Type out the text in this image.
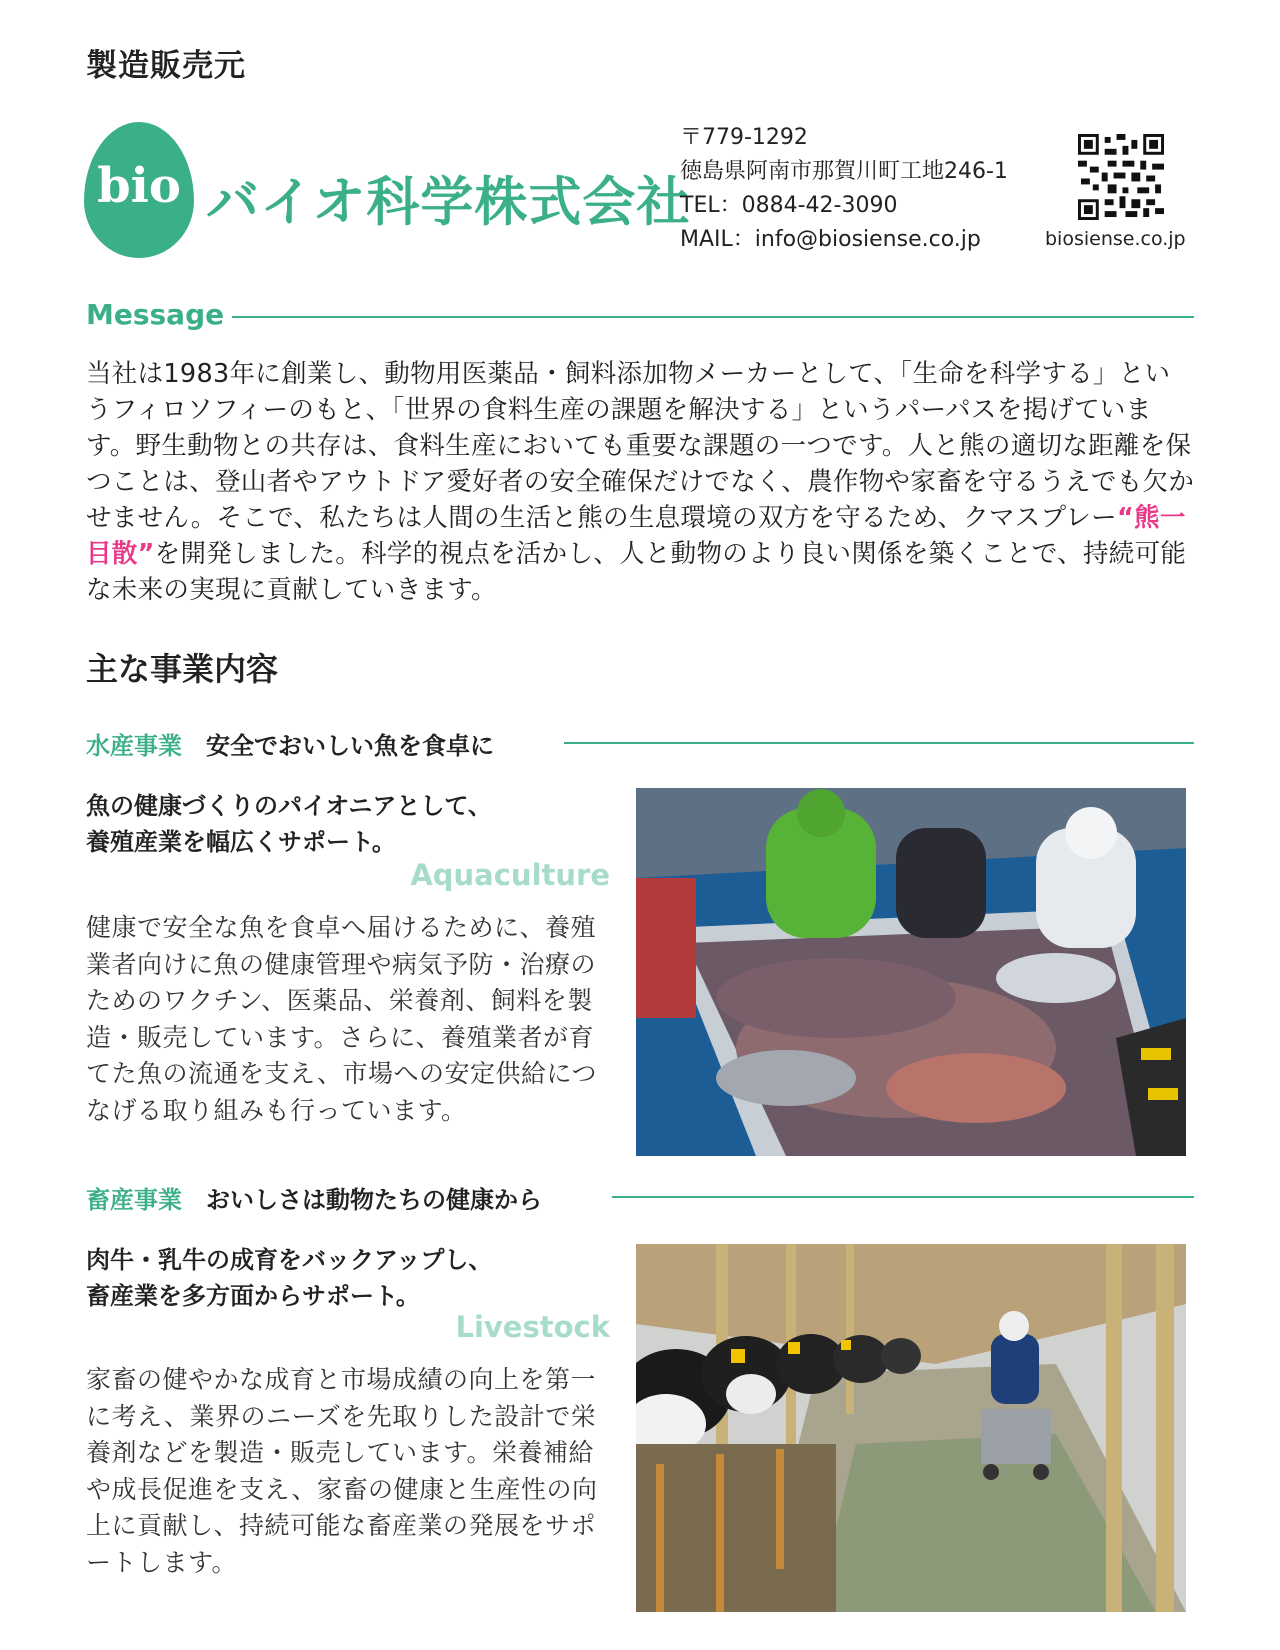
製造販売元
bio バイオ科学株式会社
〒779-1292
徳島県阿南市那賀川町工地246-1
TEL：0884-42-3090
MAIL：info@biosiense.co.jp	biosiense.co.jp
Message
当社は1983年に創業し、動物用医薬品・飼料添加物メーカーとして、「生命を科学する」というフィロソフィーのもと、「世界の食料生産の課題を解決する」というパーパスを掲げています。野生動物との共存は、食料生産においても重要な課題の一つです。人と熊の適切な距離を保つことは、登山者やアウトドア愛好者の安全確保だけでなく、農作物や家畜を守るうえでも欠かせません。そこで、私たちは人間の生活と熊の生息環境の双方を守るため、クマスプレー“熊一目散”を開発しました。科学的視点を活かし、人と動物のより良い関係を築くことで、持続可能な未来の実現に貢献していきます。
主な事業内容
水産事業 安全でおいしい魚を食卓に
魚の健康づくりのパイオニアとして、
養殖産業を幅広くサポート。
Aquaculture
健康で安全な魚を食卓へ届けるために、養殖業者向けに魚の健康管理や病気予防・治療のためのワクチン、医薬品、栄養剤、飼料を製造・販売しています。さらに、養殖業者が育てた魚の流通を支え、市場への安定供給につなげる取り組みも行っています。
畜産事業 おいしさは動物たちの健康から
肉牛・乳牛の成育をバックアップし、
畜産業を多方面からサポート。
Livestock
家畜の健やかな成育と市場成績の向上を第一に考え、業界のニーズを先取りした設計で栄養剤などを製造・販売しています。栄養補給や成長促進を支え、家畜の健康と生産性の向上に貢献し、持続可能な畜産業の発展をサポートします。
